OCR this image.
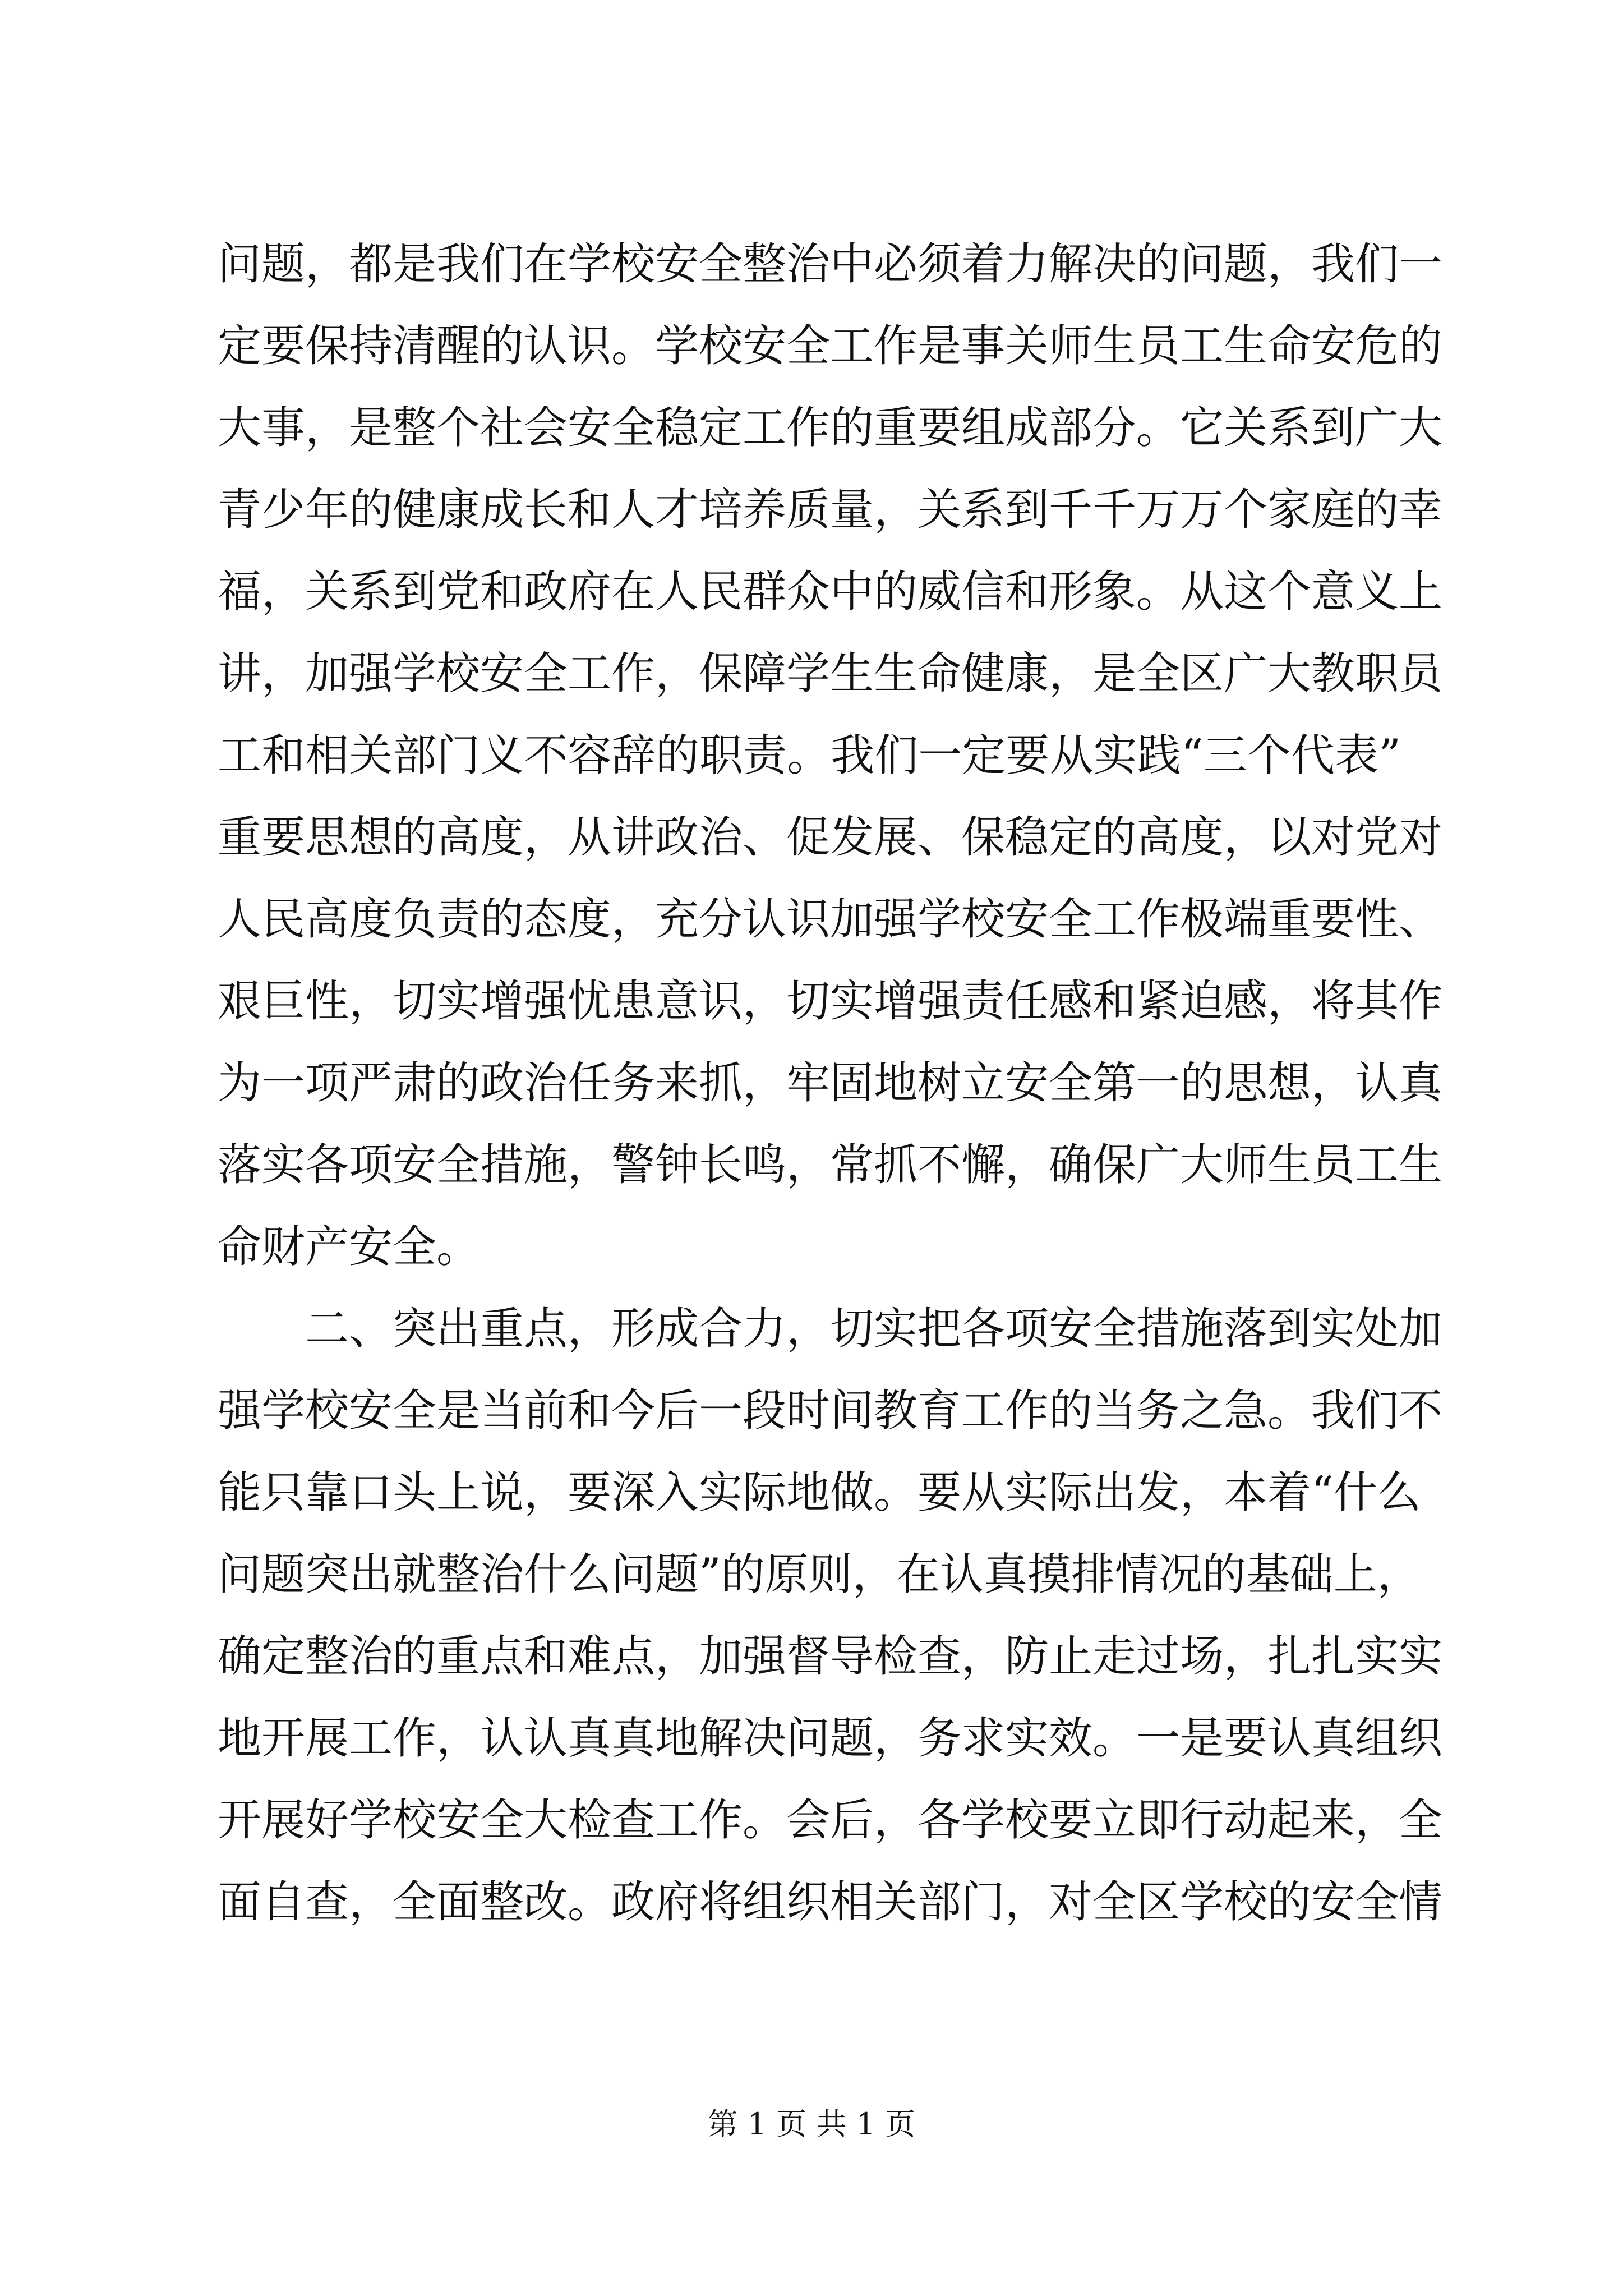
问题，都是我们在学校安全整治中必须着力解决的问题，我们一
定要保持清醒的认识。学校安全工作是事关师生员工生命安危的
大事，是整个社会安全稳定工作的重要组成部分。它关系到广大
青少年的健康成长和人才培养质量，关系到千千万万个家庭的幸
福，关系到党和政府在人民群众中的威信和形象。从这个意义上
讲，加强学校安全工作，保障学生生命健康，是全区广大教职员
工和相关部门义不容辞的职责。我们一定要从实践“三个代表”
重要思想的高度，从讲政治、促发展、保稳定的高度，以对党对
人民高度负责的态度，充分认识加强学校安全工作极端重要性、
艰巨性，切实增强忧患意识，切实增强责任感和紧迫感，将其作
为一项严肃的政治任务来抓，牢固地树立安全第一的思想，认真
落实各项安全措施，警钟长鸣，常抓不懈，确保广大师生员工生
命财产安全。
　　二、突出重点，形成合力，切实把各项安全措施落到实处加
强学校安全是当前和今后一段时间教育工作的当务之急。我们不
能只靠口头上说，要深入实际地做。要从实际出发，本着“什么
问题突出就整治什么问题”的原则，在认真摸排情况的基础上，
确定整治的重点和难点，加强督导检查，防止走过场，扎扎实实
地开展工作，认认真真地解决问题，务求实效。一是要认真组织
开展好学校安全大检查工作。会后，各学校要立即行动起来，全
面自查，全面整改。政府将组织相关部门，对全区学校的安全情
第 1 页 共 1 页
